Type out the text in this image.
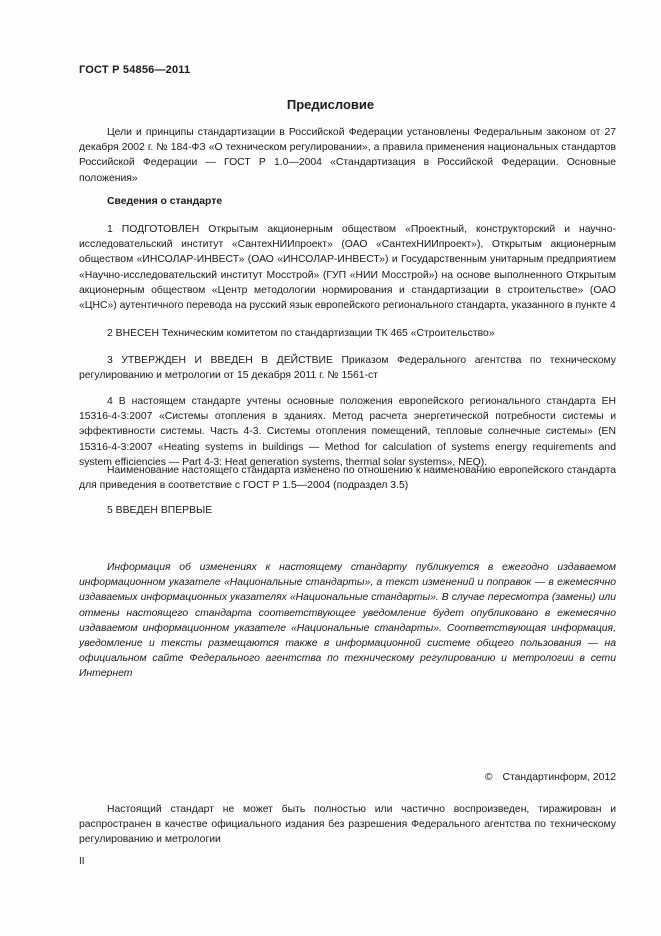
ГОСТ Р 54856—2011
Предисловие
Цели и принципы стандартизации в Российской Федерации установлены Федеральным законом от 27 декабря 2002 г. № 184-ФЗ «О техническом регулировании», а правила применения национальных стандартов Российской Федерации — ГОСТ Р 1.0—2004 «Стандартизация в Российской Федерации. Основные положения»
Сведения о стандарте
1 ПОДГОТОВЛЕН Открытым акционерным обществом «Проектный, конструкторский и научно-исследовательский институт «СантехНИИпроект» (ОАО «СантехНИИпроект»), Открытым акционерным обществом «ИНСОЛАР-ИНВЕСТ» (ОАО «ИНСОЛАР-ИНВЕСТ») и Государственным унитарным предприятием «Научно-исследовательский институт Мосстрой» (ГУП «НИИ Мосстрой») на основе выполненного Открытым акционерным обществом «Центр методологии нормирования и стандартизации в строительстве» (ОАО «ЦНС») аутентичного перевода на русский язык европейского регионального стандарта, указанного в пункте 4
2 ВНЕСЕН Техническим комитетом по стандартизации ТК 465 «Строительство»
3 УТВЕРЖДЕН И ВВЕДЕН В ДЕЙСТВИЕ Приказом Федерального агентства по техническому регулированию и метрологии от 15 декабря 2011 г. № 1561-ст
4 В настоящем стандарте учтены основные положения европейского регионального стандарта ЕН 15316-4-3:2007 «Системы отопления в зданиях. Метод расчета энергетической потребности системы и эффективности системы. Часть 4-3. Системы отопления помещений, тепловые солнечные системы» (EN 15316-4-3:2007 «Heating systems in buildings — Method for calculation of systems energy requirements and system efficiencies — Part 4-3: Heat generation systems, thermal solar systems», NEQ).
Наименование настоящего стандарта изменено по отношению к наименованию европейского стандарта для приведения в соответствие с ГОСТ Р 1.5—2004 (подраздел 3.5)
5 ВВЕДЕН ВПЕРВЫЕ
Информация об изменениях к настоящему стандарту публикуется в ежегодно издаваемом информационном указателе «Национальные стандарты», а текст изменений и поправок — в ежемесячно издаваемых информационных указателях «Национальные стандарты». В случае пересмотра (замены) или отмены настоящего стандарта соответствующее уведомление будет опубликовано в ежемесячно издаваемом информационном указателе «Национальные стандарты». Соответствующая информация, уведомление и тексты размещаются также в информационной системе общего пользования — на официальном сайте Федерального агентства по техническому регулированию и метрологии в сети Интернет
© Стандартинформ, 2012
Настоящий стандарт не может быть полностью или частично воспроизведен, тиражирован и распространен в качестве официального издания без разрешения Федерального агентства по техническому регулированию и метрологии
II
